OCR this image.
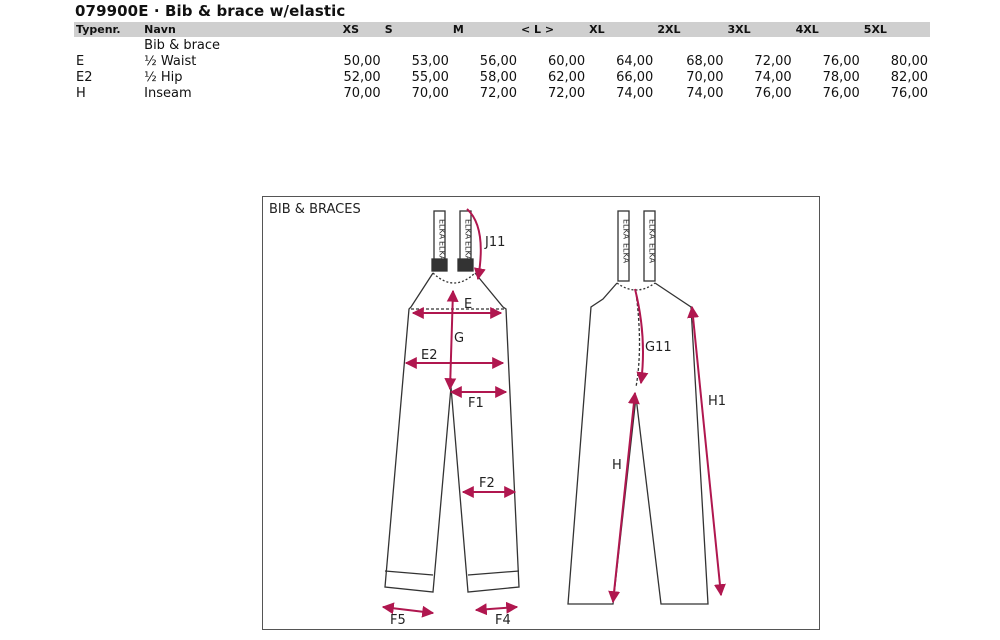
079900E · Bib & brace w/elastic
Typenr.	Navn	XS	S	M	< L >	XL	2XL	3XL	4XL	5XL
	Bib & brace									
E	½ Waist	50,00	53,00	56,00	60,00	64,00	68,00	72,00	76,00	80,00
E2	½ Hip	52,00	55,00	58,00	62,00	66,00	70,00	74,00	78,00	82,00
H	Inseam	70,00	70,00	72,00	72,00	74,00	74,00	76,00	76,00	76,00
BIB & BRACES
ELKA
ELKA
ELKA
ELKA J11
E
G
E2
F1
F2
F5	F4
ELKA
ELKA
ELKA
ELKA
G11
H1
H
